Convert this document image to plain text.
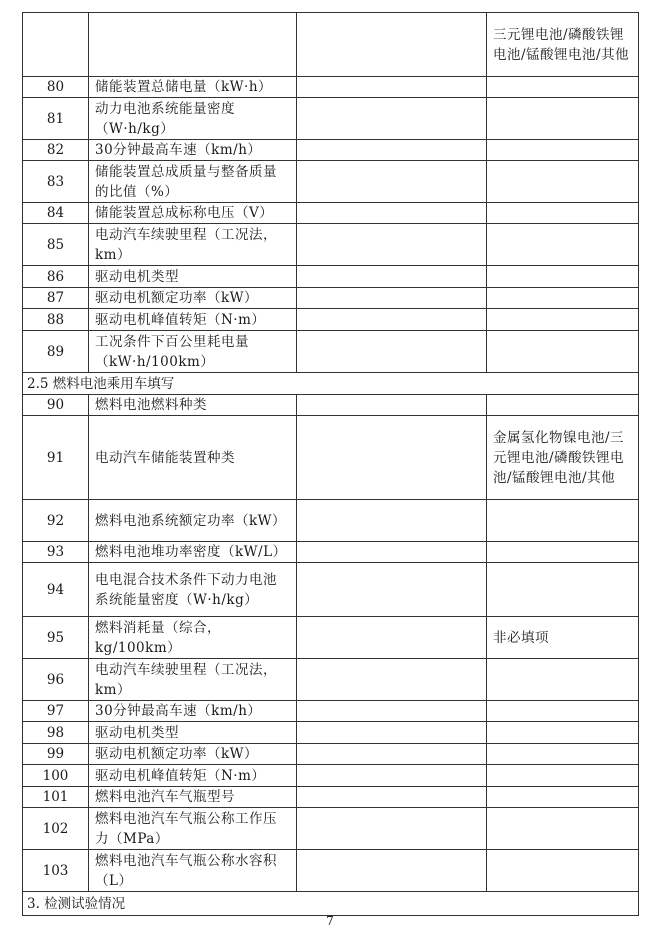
			三元锂电池/磷酸铁锂电池/锰酸锂电池/其他
80	储能装置总储电量（kW·h）		
81	动力电池系统能量密度（W·h/kg）		
82	30分钟最高车速（km/h）		
83	储能装置总成质量与整备质量的比值（%）		
84	储能装置总成标称电压（V）		
85	电动汽车续驶里程（工况法，km）		
86	驱动电机类型		
87	驱动电机额定功率（kW）		
88	驱动电机峰值转矩（N·m）		
89	工况条件下百公里耗电量（kW·h/100km）		
2.5 燃料电池乘用车填写			
90	燃料电池燃料种类		
91	电动汽车储能装置种类		金属氢化物镍电池/三元锂电池/磷酸铁锂电池/锰酸锂电池/其他
92	燃料电池系统额定功率（kW）		
93	燃料电池堆功率密度（kW/L）		
94	电电混合技术条件下动力电池系统能量密度（W·h/kg）		
95	燃料消耗量（综合，kg/100km）		非必填项
96	电动汽车续驶里程（工况法，km）		
97	30分钟最高车速（km/h）		
98	驱动电机类型		
99	驱动电机额定功率（kW）		
100	驱动电机峰值转矩（N·m）		
101	燃料电池汽车气瓶型号		
102	燃料电池汽车气瓶公称工作压力（MPa）		
103	燃料电池汽车气瓶公称水容积（L）		
3. 检测试验情况			
7
